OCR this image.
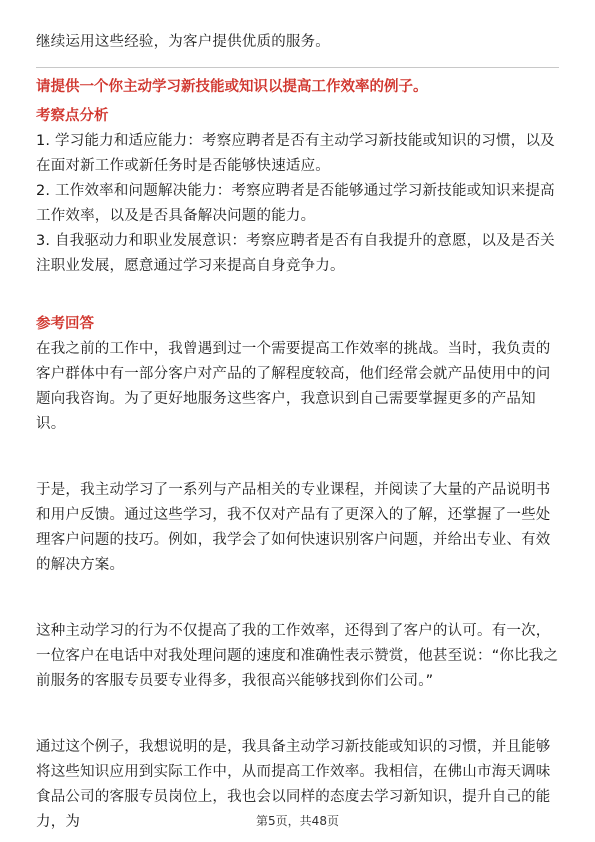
继续运用这些经验，为客户提供优质的服务。

请提供一个你主动学习新技能或知识以提高工作效率的例子。

考察点分析

1. 学习能力和适应能力：考察应聘者是否有主动学习新技能或知识的习惯，以及在面对新工作或新任务时是否能够快速适应。

2. 工作效率和问题解决能力：考察应聘者是否能够通过学习新技能或知识来提高工作效率，以及是否具备解决问题的能力。

3. 自我驱动力和职业发展意识：考察应聘者是否有自我提升的意愿，以及是否关注职业发展，愿意通过学习来提高自身竞争力。

参考回答

在我之前的工作中，我曾遇到过一个需要提高工作效率的挑战。当时，我负责的客户群体中有一部分客户对产品的了解程度较高，他们经常会就产品使用中的问题向我咨询。为了更好地服务这些客户，我意识到自己需要掌握更多的产品知识。

于是，我主动学习了一系列与产品相关的专业课程，并阅读了大量的产品说明书和用户反馈。通过这些学习，我不仅对产品有了更深入的了解，还掌握了一些处理客户问题的技巧。例如，我学会了如何快速识别客户问题，并给出专业、有效的解决方案。

这种主动学习的行为不仅提高了我的工作效率，还得到了客户的认可。有一次，一位客户在电话中对我处理问题的速度和准确性表示赞赏，他甚至说：“你比我之前服务的客服专员要专业得多，我很高兴能够找到你们公司。”

通过这个例子，我想说明的是，我具备主动学习新技能或知识的习惯，并且能够将这些知识应用到实际工作中，从而提高工作效率。我相信，在佛山市海天调味食品公司的客服专员岗位上，我也会以同样的态度去学习新知识，提升自己的能力，为	第5页，共48页
